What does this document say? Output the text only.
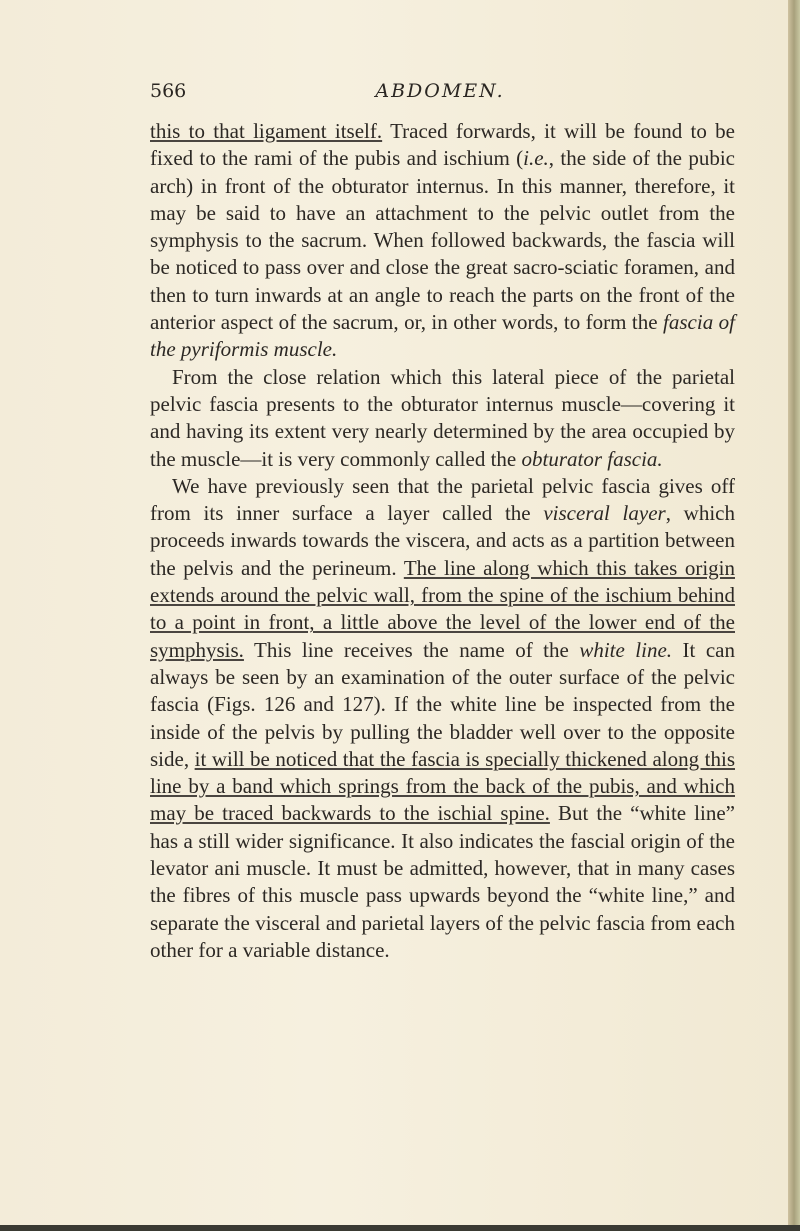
566	ABDOMEN.

this to that ligament itself. Traced forwards, it will be found to be fixed to the rami of the pubis and ischium (i.e., the side of the pubic arch) in front of the obturator internus. In this manner, therefore, it may be said to have an attachment to the pelvic outlet from the symphysis to the sacrum. When followed backwards, the fascia will be noticed to pass over and close the great sacro-sciatic foramen, and then to turn inwards at an angle to reach the parts on the front of the anterior aspect of the sacrum, or, in other words, to form the fascia of the pyriformis muscle.

From the close relation which this lateral piece of the parietal pelvic fascia presents to the obturator internus muscle—covering it and having its extent very nearly determined by the area occupied by the muscle—it is very commonly called the obturator fascia.

We have previously seen that the parietal pelvic fascia gives off from its inner surface a layer called the visceral layer, which proceeds inwards towards the viscera, and acts as a partition between the pelvis and the perineum. The line along which this takes origin extends around the pelvic wall, from the spine of the ischium behind to a point in front, a little above the level of the lower end of the symphysis. This line receives the name of the white line. It can always be seen by an examination of the outer surface of the pelvic fascia (Figs. 126 and 127). If the white line be inspected from the inside of the pelvis by pulling the bladder well over to the opposite side, it will be noticed that the fascia is specially thickened along this line by a band which springs from the back of the pubis, and which may be traced backwards to the ischial spine. But the “white line” has a still wider significance. It also indicates the fascial origin of the levator ani muscle. It must be admitted, however, that in many cases the fibres of this muscle pass upwards beyond the “white line,” and separate the visceral and parietal layers of the pelvic fascia from each other for a variable distance.
